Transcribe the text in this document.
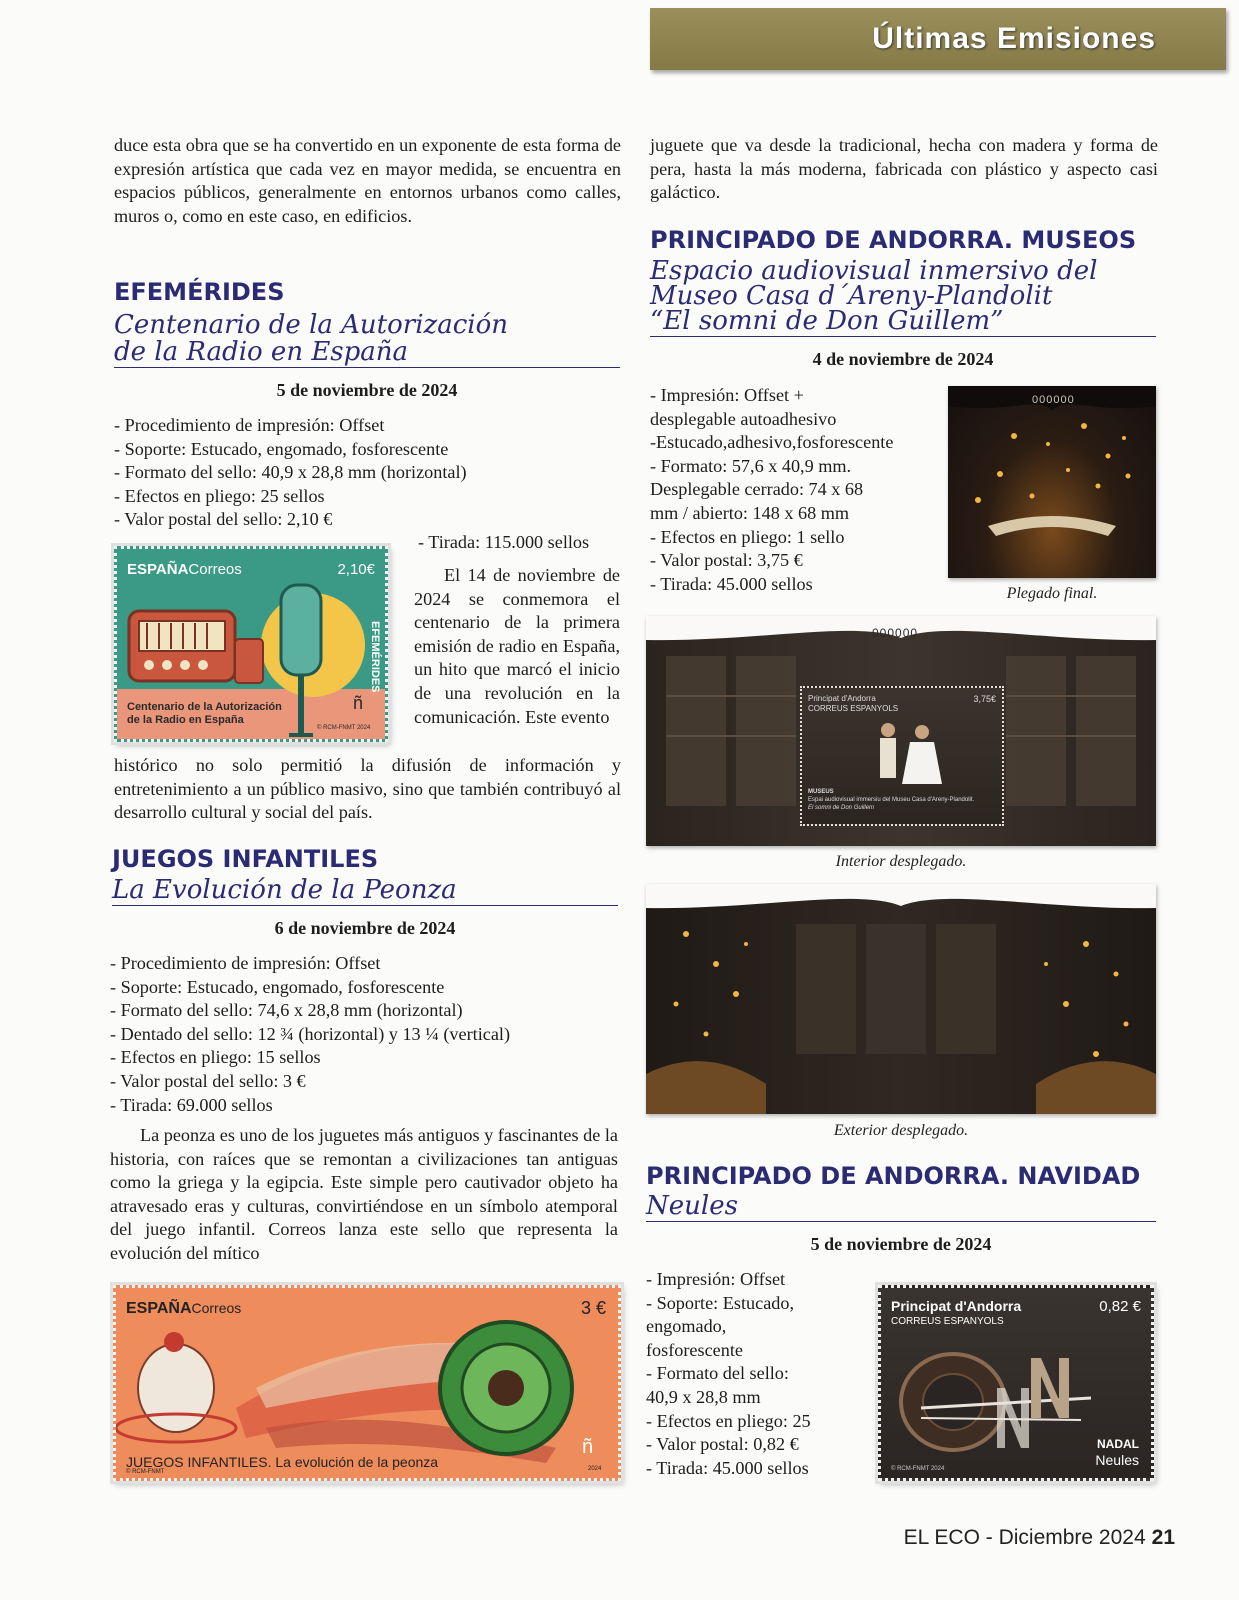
Últimas Emisiones

duce esta obra que se ha convertido en un exponente de esta forma de expresión artística que cada vez en mayor medida, se encuentra en espacios públicos, generalmente en entornos urbanos como calles, muros o, como en este caso, en edificios.

EFEMÉRIDES
Centenario de la Autorización
de la Radio en España
5 de noviembre de 2024
- Procedimiento de impresión: Offset
- Soporte: Estucado, engomado, fosforescente
- Formato del sello: 40,9 x 28,8 mm (horizontal)
- Efectos en pliego: 25 sellos
- Valor postal del sello: 2,10 €
ESPAÑACorreos	2,10€
EFEMÉRIDES
Centenario de la Autorización
de la Radio en España
ñ
© RCM-FNMT 2024
- Tirada: 115.000 sellos
El 14 de noviembre de 2024 se conmemora el centenario de la primera emisión de radio en España, un hito que marcó el inicio de una revolución en la comunicación. Este evento
histórico no solo permitió la difusión de información y entretenimiento a un público masivo, sino que también contribuyó al desarrollo cultural y social del país.
JUEGOS INFANTILES
La Evolución de la Peonza
6 de noviembre de 2024
- Procedimiento de impresión: Offset
- Soporte: Estucado, engomado, fosforescente
- Formato del sello: 74,6 x 28,8 mm (horizontal)
- Dentado del sello: 12 ¾ (horizontal) y 13 ¼ (vertical)
- Efectos en pliego: 15 sellos
- Valor postal del sello: 3 €
- Tirada: 69.000 sellos
La peonza es uno de los juguetes más antiguos y fascinantes de la historia, con raíces que se remontan a civilizaciones tan antiguas como la griega y la egipcia. Este simple pero cautivador objeto ha atravesado eras y culturas, convirtiéndose en un símbolo atemporal del juego infantil. Correos lanza este sello que representa la evolución del mítico
ESPAÑACorreos	3 €
JUEGOS INFANTILES. La evolución de la peonza
© RCM-FNMT
ñ
2024
juguete que va desde la tradicional, hecha con madera y forma de pera, hasta la más moderna, fabricada con plástico y aspecto casi galáctico.
PRINCIPADO DE ANDORRA. MUSEOS
Espacio audiovisual inmersivo del
Museo Casa d´Areny-Plandolit
“El somni de Don Guillem”
4 de noviembre de 2024
- Impresión: Offset +
desplegable autoadhesivo
-Estucado,adhesivo,fosforescente
- Formato: 57,6 x 40,9 mm.
Desplegable cerrado: 74 x 68
mm / abierto: 148 x 68 mm
- Efectos en pliego: 1 sello
- Valor postal: 3,75 €
- Tirada: 45.000 sellos
000000
Plegado final.
000000
Principat d'Andorra
CORREUS ESPANYOLS
3,75€
MUSEUS
Espai audiovisual immersiu del Museu Casa d'Areny-Plandolit.
El somni de Don Guillem
Interior desplegado.
Exterior desplegado.
PRINCIPADO DE ANDORRA. NAVIDAD
Neules
5 de noviembre de 2024
- Impresión: Offset
- Soporte: Estucado,
engomado,
fosforescente
- Formato del sello:
40,9 x 28,8 mm
- Efectos en pliego: 25
- Valor postal: 0,82 €
- Tirada: 45.000 sellos
Principat d'Andorra
CORREUS ESPANYOLS
0,82 €
NADAL
Neules
© RCM-FNMT 2024
EL ECO - Diciembre 2024 21
